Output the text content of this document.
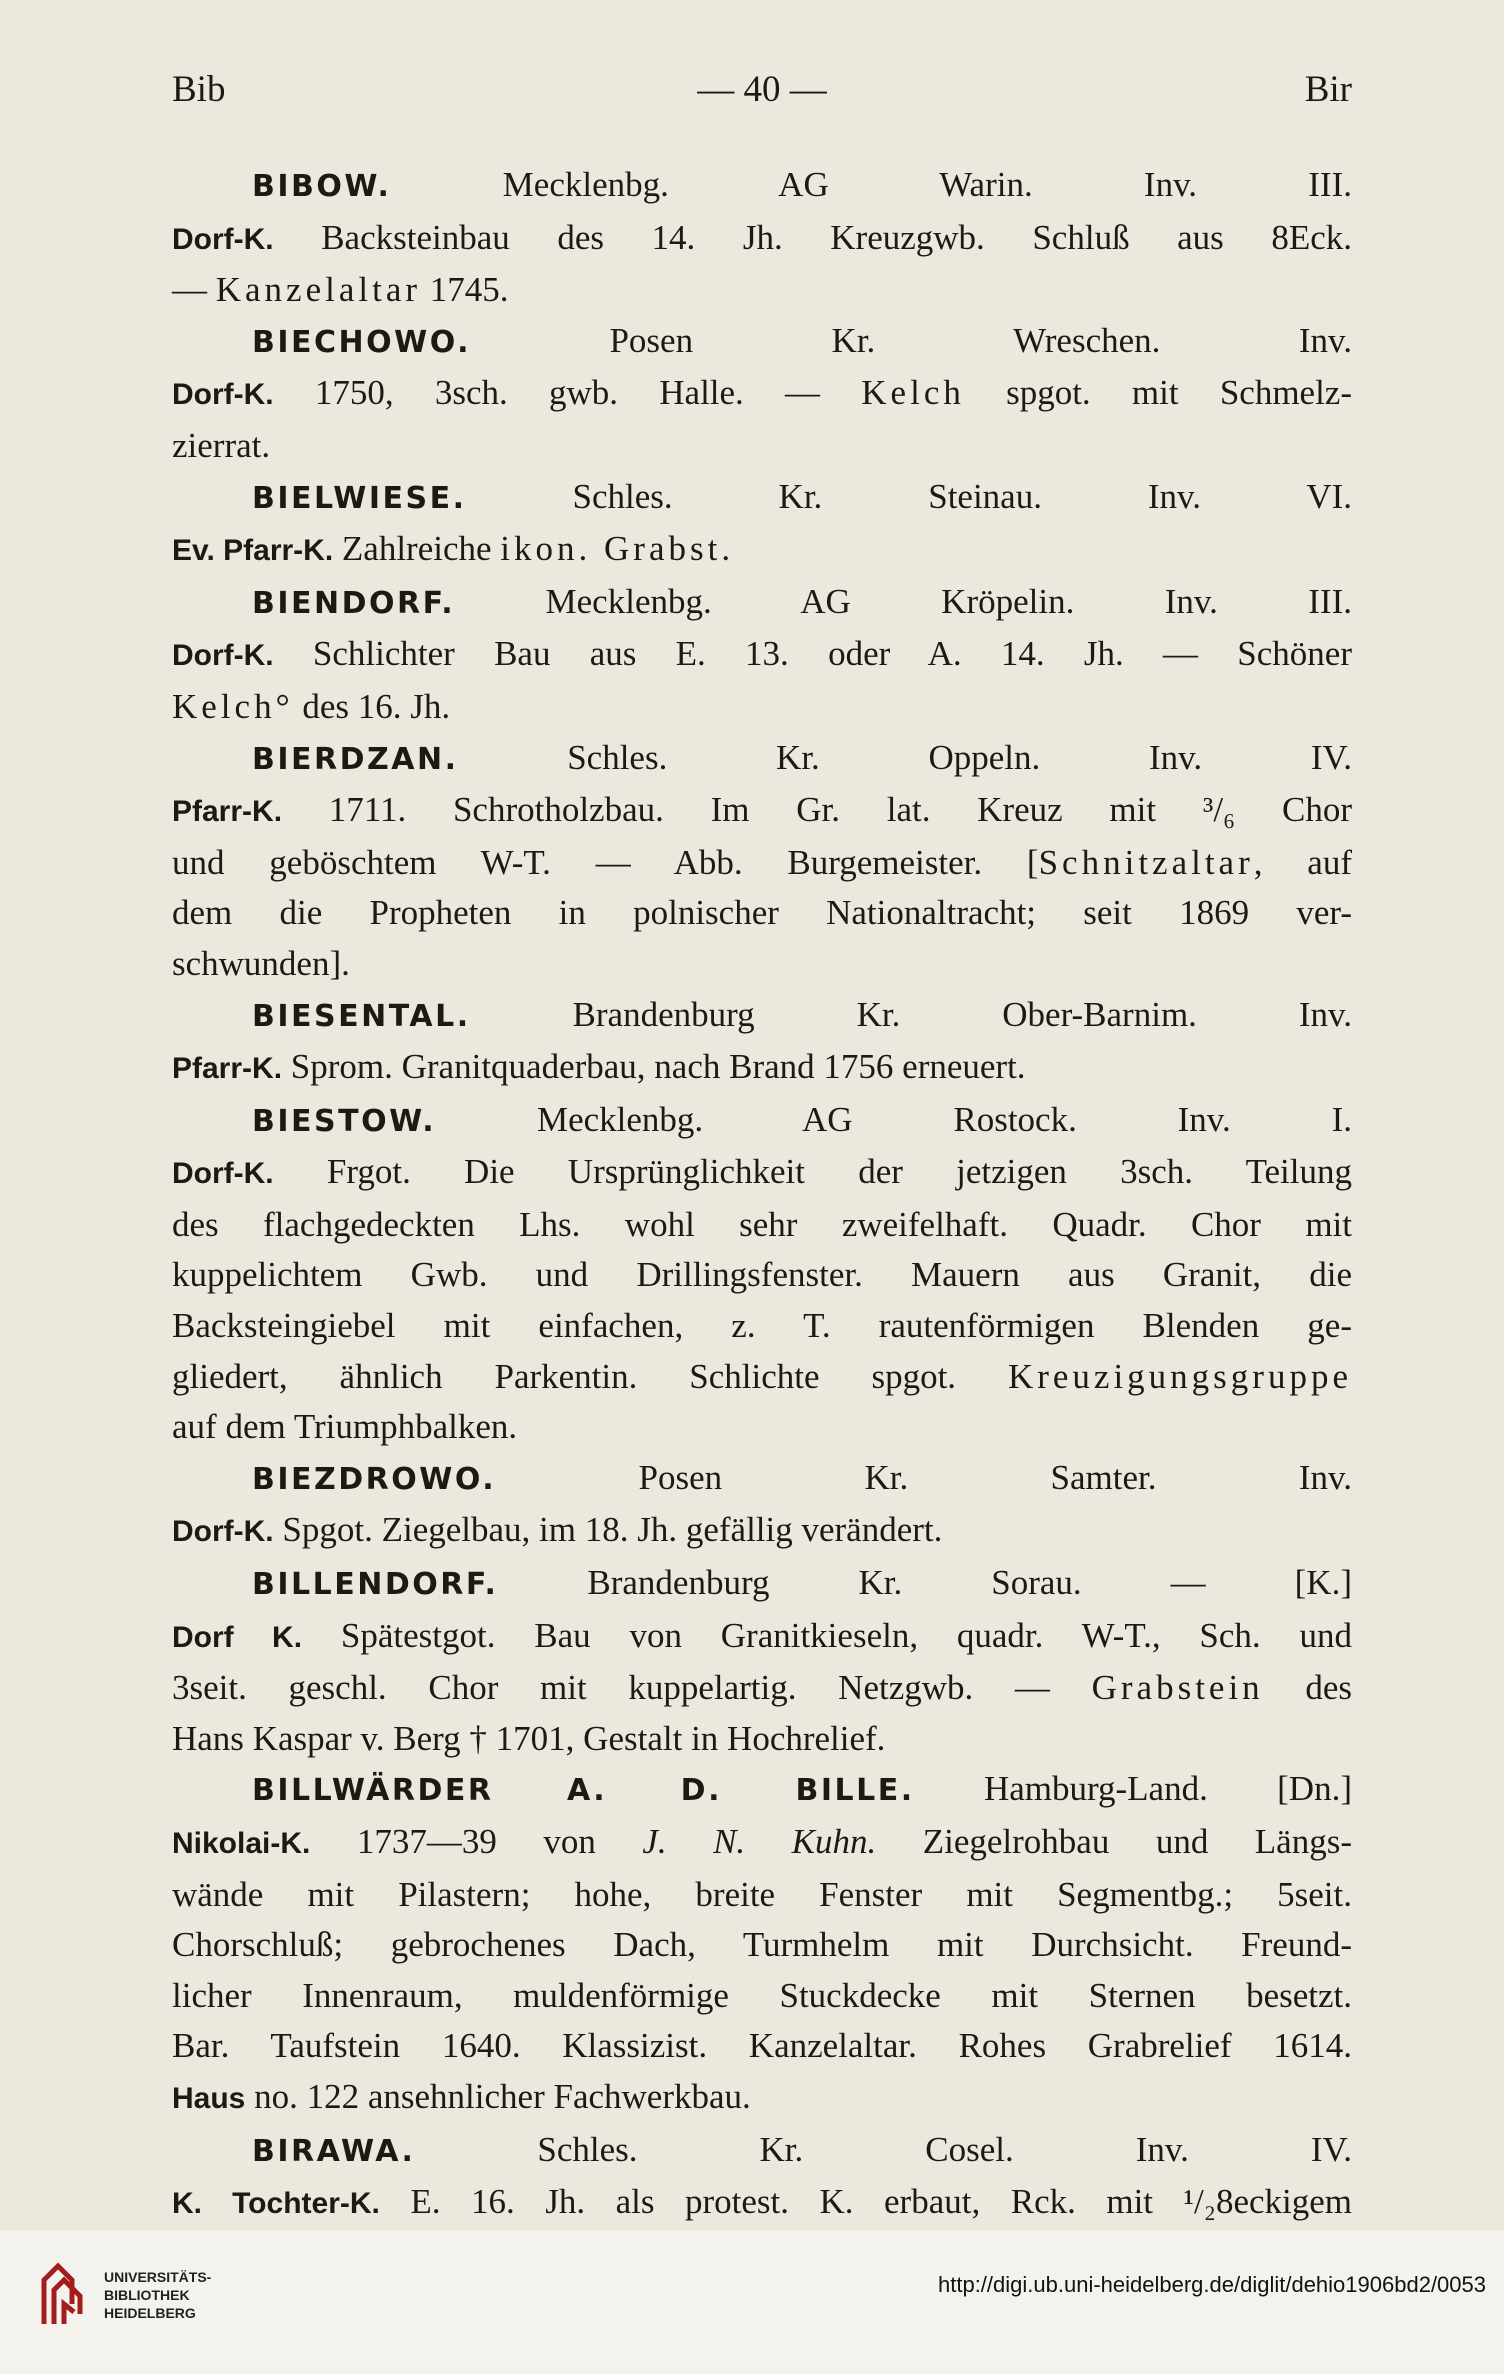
Bib	— 40 —	Bir

BIBOW. Mecklenbg. AG Warin. Inv. III.

Dorf-K. Backsteinbau des 14. Jh. Kreuzgwb. Schluß aus 8Eck.

— Kanzelaltar 1745.

BIECHOWO. Posen Kr. Wreschen. Inv.

Dorf-K. 1750, 3sch. gwb. Halle. — Kelch spgot. mit Schmelz-

zierrat.

BIELWIESE. Schles. Kr. Steinau. Inv. VI.

Ev. Pfarr-K. Zahlreiche ikon. Grabst.

BIENDORF. Mecklenbg. AG Kröpelin. Inv. III.

Dorf-K. Schlichter Bau aus E. 13. oder A. 14. Jh. — Schöner

Kelch° des 16. Jh.

BIERDZAN. Schles. Kr. Oppeln. Inv. IV.

Pfarr-K. 1711. Schrotholzbau. Im Gr. lat. Kreuz mit ³/₆ Chor

und geböschtem W-T. — Abb. Burgemeister. [Schnitzaltar, auf

dem die Propheten in polnischer Nationaltracht; seit 1869 ver-

schwunden].

BIESENTAL. Brandenburg Kr. Ober-Barnim. Inv.

Pfarr-K. Sprom. Granitquaderbau, nach Brand 1756 erneuert.

BIESTOW. Mecklenbg. AG Rostock. Inv. I.

Dorf-K. Frgot. Die Ursprünglichkeit der jetzigen 3sch. Teilung

des flachgedeckten Lhs. wohl sehr zweifelhaft. Quadr. Chor mit

kuppelichtem Gwb. und Drillingsfenster. Mauern aus Granit, die

Backsteingiebel mit einfachen, z. T. rautenförmigen Blenden ge-

gliedert, ähnlich Parkentin. Schlichte spgot. Kreuzigungsgruppe

auf dem Triumphbalken.

BIEZDROWO. Posen Kr. Samter. Inv.

Dorf-K. Spgot. Ziegelbau, im 18. Jh. gefällig verändert.

BILLENDORF. Brandenburg Kr. Sorau. — [K.]

Dorf K. Spätestgot. Bau von Granitkieseln, quadr. W-T., Sch. und

3seit. geschl. Chor mit kuppelartig. Netzgwb. — Grabstein des

Hans Kaspar v. Berg † 1701, Gestalt in Hochrelief.

BILLWÄRDER A. D. BILLE. Hamburg-Land. [Dn.]

Nikolai-K. 1737—39 von J. N. Kuhn. Ziegelrohbau und Längs-

wände mit Pilastern; hohe, breite Fenster mit Segmentbg.; 5seit.

Chorschluß; gebrochenes Dach, Turmhelm mit Durchsicht. Freund-

licher Innenraum, muldenförmige Stuckdecke mit Sternen besetzt.

Bar. Taufstein 1640. Klassizist. Kanzelaltar. Rohes Grabrelief 1614.

Haus no. 122 ansehnlicher Fachwerkbau.

BIRAWA. Schles. Kr. Cosel. Inv. IV.

K. Tochter-K. E. 16. Jh. als protest. K. erbaut, Rck. mit ¹/₂8eckigem

UNIVERSITÄTS-
BIBLIOTHEK
HEIDELBERG
http://digi.ub.uni-heidelberg.de/diglit/dehio1906bd2/0053
